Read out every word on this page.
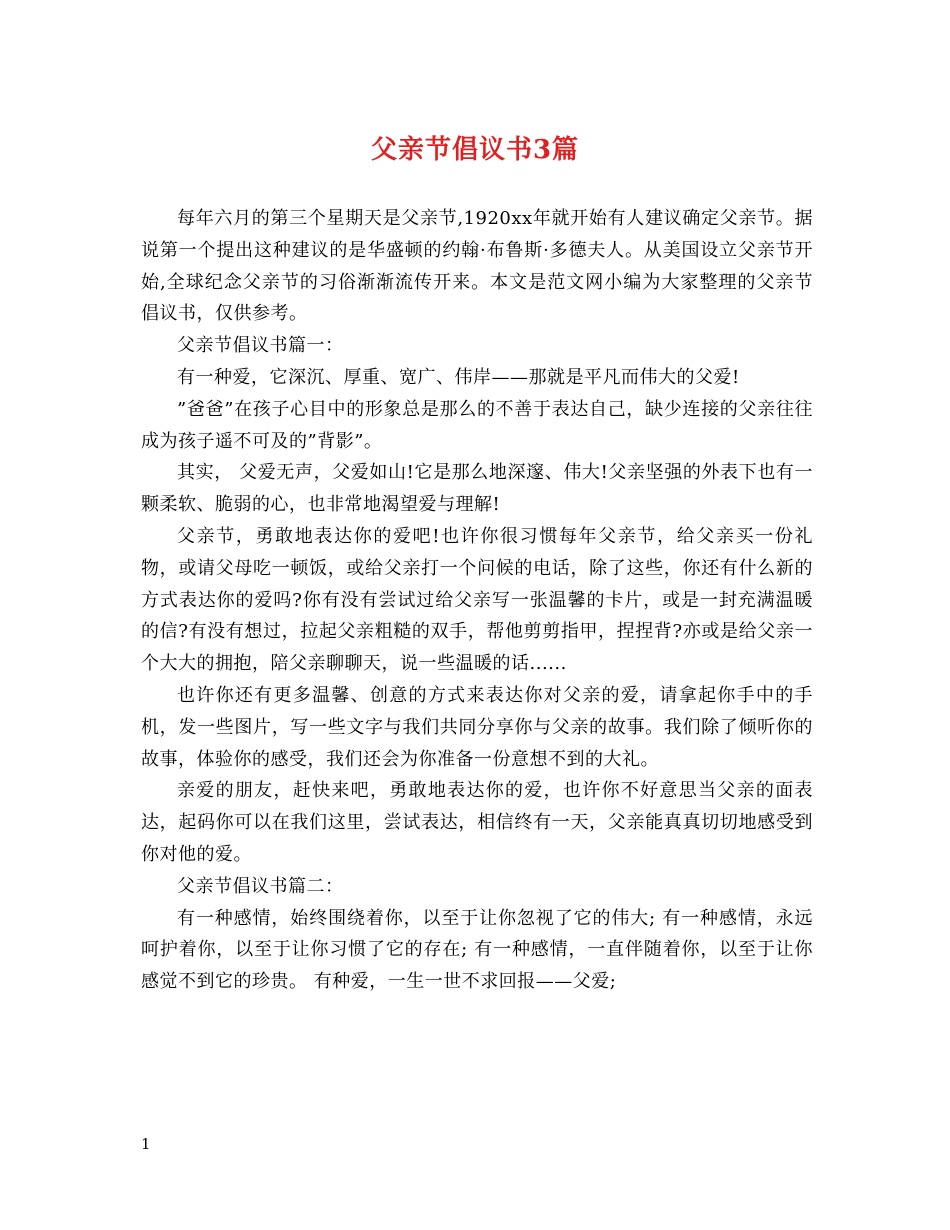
父亲节倡议书3篇

每年六月的第三个星期天是父亲节,1920xx年就开始有人建议确定父亲节。据说第一个提出这种建议的是华盛顿的约翰·布鲁斯·多德夫人。从美国设立父亲节开始,全球纪念父亲节的习俗渐渐流传开来。本文是范文网小编为大家整理的父亲节倡议书，仅供参考。

父亲节倡议书篇一：

有一种爱，它深沉、厚重、宽广、伟岸——那就是平凡而伟大的父爱!

”爸爸”在孩子心目中的形象总是那么的不善于表达自己，缺少连接的父亲往往成为孩子遥不可及的”背影”。

其实， 父爱无声，父爱如山!它是那么地深邃、伟大!父亲坚强的外表下也有一颗柔软、脆弱的心，也非常地渴望爱与理解!

父亲节，勇敢地表达你的爱吧!也许你很习惯每年父亲节，给父亲买一份礼物，或请父母吃一顿饭，或给父亲打一个问候的电话，除了这些，你还有什么新的方式表达你的爱吗?你有没有尝试过给父亲写一张温馨的卡片，或是一封充满温暖的信?有没有想过，拉起父亲粗糙的双手，帮他剪剪指甲，捏捏背?亦或是给父亲一个大大的拥抱，陪父亲聊聊天，说一些温暖的话......

也许你还有更多温馨、创意的方式来表达你对父亲的爱，请拿起你手中的手机，发一些图片，写一些文字与我们共同分享你与父亲的故事。我们除了倾听你的故事，体验你的感受，我们还会为你准备一份意想不到的大礼。

亲爱的朋友，赶快来吧，勇敢地表达你的爱，也许你不好意思当父亲的面表达，起码你可以在我们这里，尝试表达，相信终有一天，父亲能真真切切地感受到你对他的爱。

父亲节倡议书篇二：

有一种感情，始终围绕着你，以至于让你忽视了它的伟大; 有一种感情，永远呵护着你，以至于让你习惯了它的存在; 有一种感情，一直伴随着你，以至于让你感觉不到它的珍贵。 有种爱，一生一世不求回报——父爱;

1
